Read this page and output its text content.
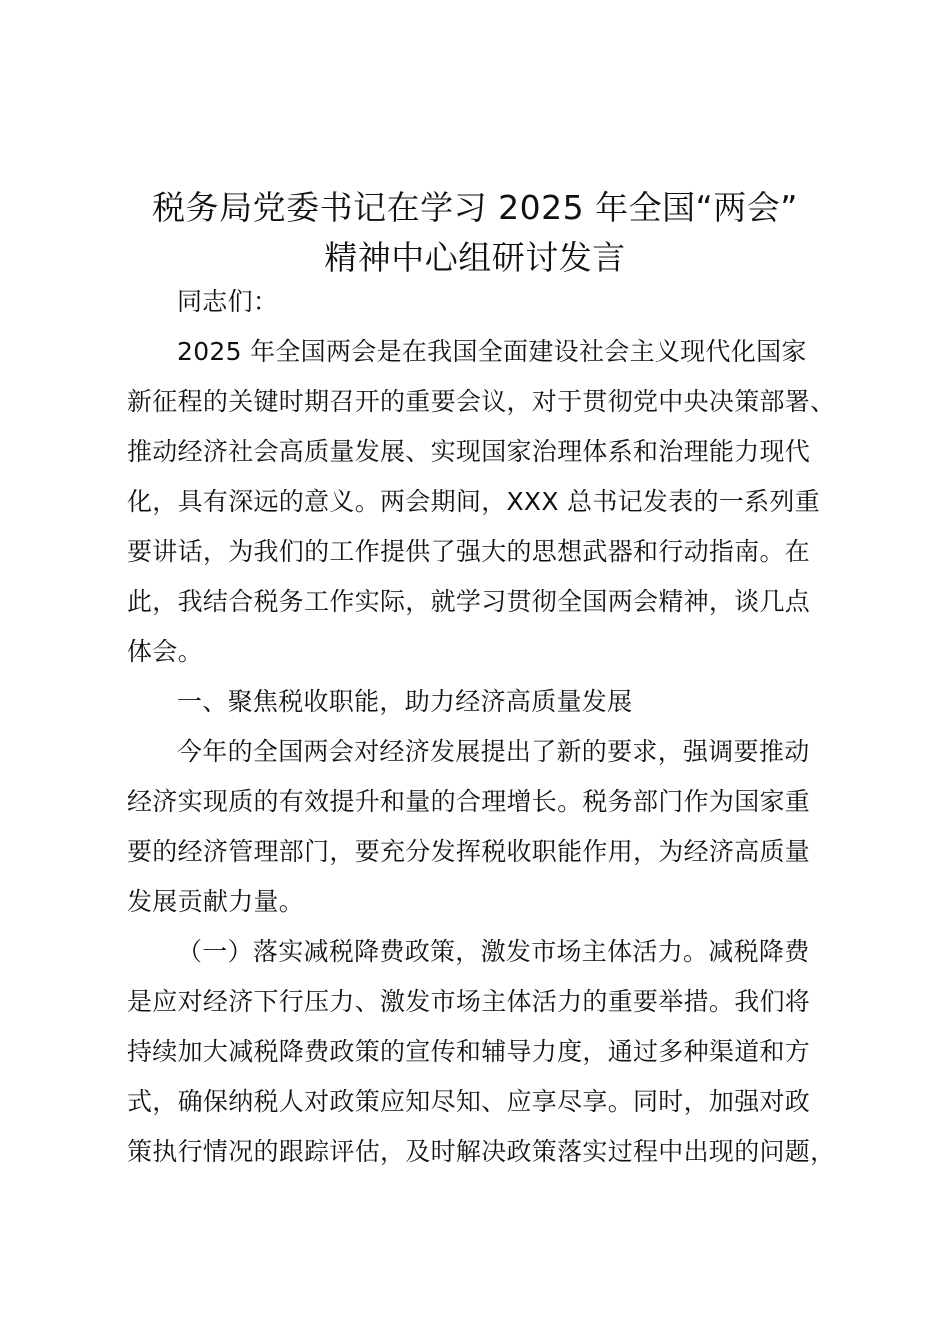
税务局党委书记在学习 2025 年全国“两会”
精神中心组研讨发言
同志们：
2025 年全国两会是在我国全面建设社会主义现代化国家
新征程的关键时期召开的重要会议，对于贯彻党中央决策部署、
推动经济社会高质量发展、实现国家治理体系和治理能力现代
化，具有深远的意义。两会期间，XXX 总书记发表的一系列重
要讲话，为我们的工作提供了强大的思想武器和行动指南。在
此，我结合税务工作实际，就学习贯彻全国两会精神，谈几点
体会。
一、聚焦税收职能，助力经济高质量发展
今年的全国两会对经济发展提出了新的要求，强调要推动
经济实现质的有效提升和量的合理增长。税务部门作为国家重
要的经济管理部门，要充分发挥税收职能作用，为经济高质量
发展贡献力量。
（一）落实减税降费政策，激发市场主体活力。减税降费
是应对经济下行压力、激发市场主体活力的重要举措。我们将
持续加大减税降费政策的宣传和辅导力度，通过多种渠道和方
式，确保纳税人对政策应知尽知、应享尽享。同时，加强对政
策执行情况的跟踪评估，及时解决政策落实过程中出现的问题，
